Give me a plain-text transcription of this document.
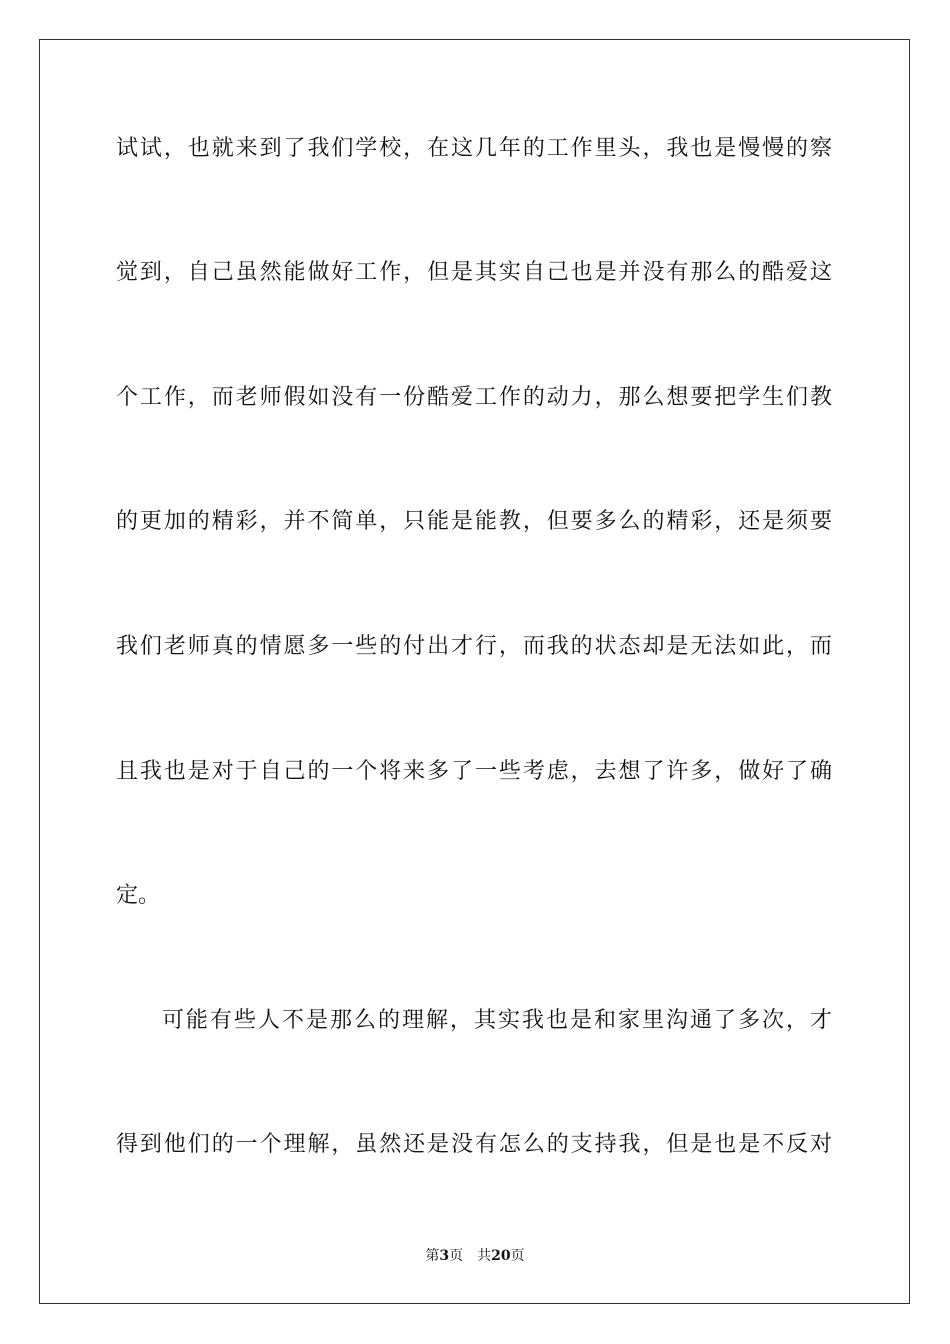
试试，也就来到了我们学校，在这几年的工作里头，我也是慢慢的察
觉到，自己虽然能做好工作，但是其实自己也是并没有那么的酷爱这
个工作，而老师假如没有一份酷爱工作的动力，那么想要把学生们教
的更加的精彩，并不简单，只能是能教，但要多么的精彩，还是须要
我们老师真的情愿多一些的付出才行，而我的状态却是无法如此，而
且我也是对于自己的一个将来多了一些考虑，去想了许多，做好了确
定。
可能有些人不是那么的理解，其实我也是和家里沟通了多次，才
得到他们的一个理解，虽然还是没有怎么的支持我，但是也是不反对
第3页 共20页
